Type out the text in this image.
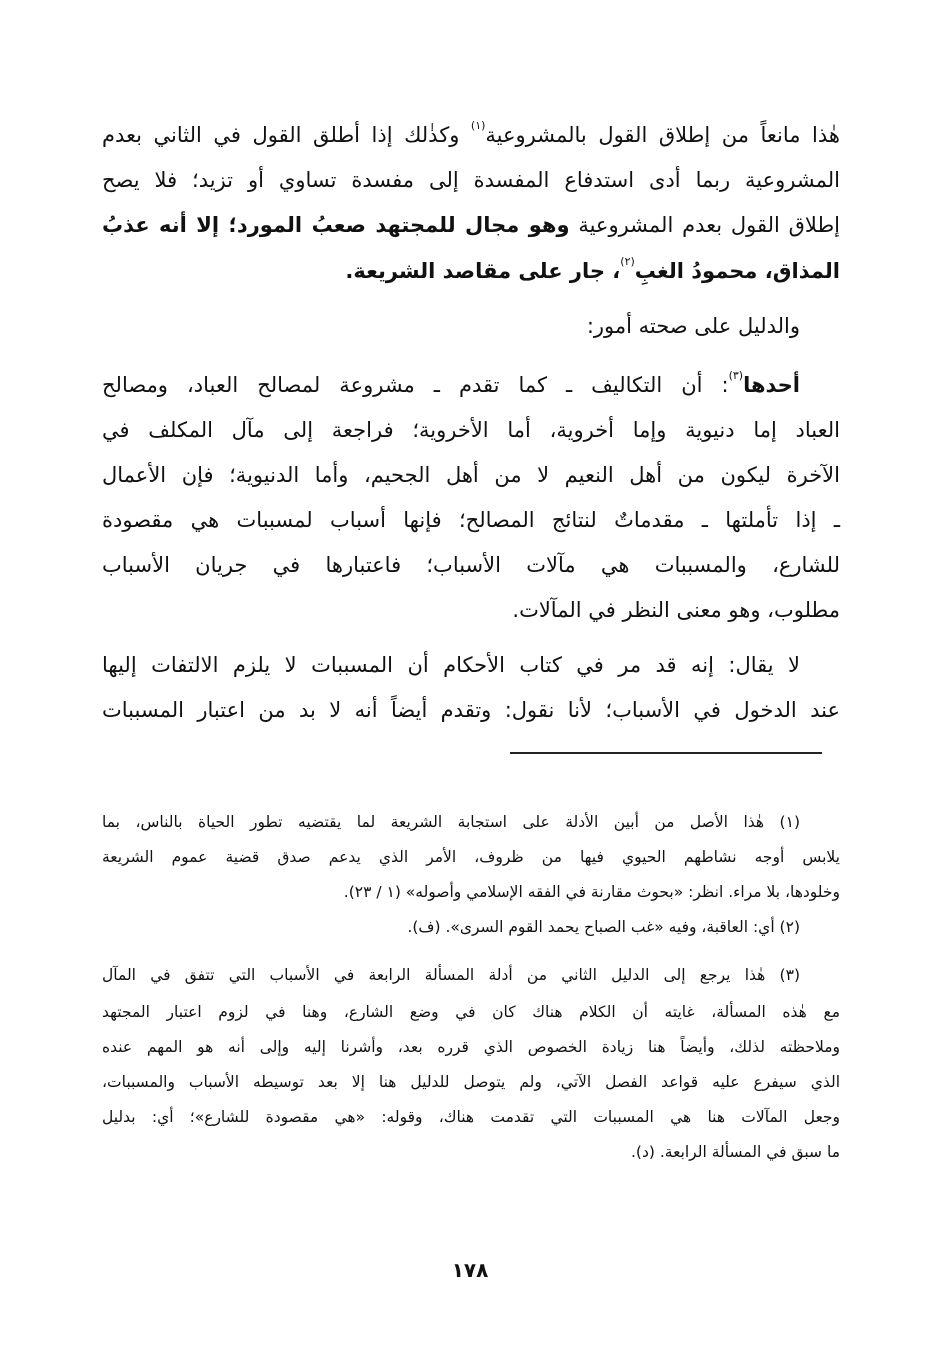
هٰذا مانعاً من إطلاق القول بالمشروعية$^{(١)}$ وكذٰلك إذا أطلق القول في الثاني بعدم
المشروعية ربما أدى استدفاع المفسدة إلى مفسدة تساوي أو تزيد؛ فلا يصح
إطلاق القول بعدم المشروعية وهو مجال للمجتهد صعبُ المورد؛ إلا أنه عذبُ
المذاق، محمودُ الغبِ$^{(٢)}$، جار على مقاصد الشريعة.
والدليل على صحته أمور:
أحدها$^{(٣)}$: أن التكاليف ـ كما تقدم ـ مشروعة لمصالح العباد، ومصالح
العباد إما دنيوية وإما أخروية، أما الأخروية؛ فراجعة إلى مآل المكلف في
الآخرة ليكون من أهل النعيم لا من أهل الجحيم، وأما الدنيوية؛ فإن الأعمال
ـ إذا تأملتها ـ مقدماتٌ لنتائج المصالح؛ فإنها أسباب لمسببات هي مقصودة
للشارع، والمسببات هي مآلات الأسباب؛ فاعتبارها في جريان الأسباب
مطلوب، وهو معنى النظر في المآلات.
لا يقال: إنه قد مر في كتاب الأحكام أن المسببات لا يلزم الالتفات إليها
عند الدخول في الأسباب؛ لأنا نقول: وتقدم أيضاً أنه لا بد من اعتبار المسببات
(١) هٰذا الأصل من أبين الأدلة على استجابة الشريعة لما يقتضيه تطور الحياة بالناس، بما
يلابس أوجه نشاطهم الحيوي فيها من ظروف، الأمر الذي يدعم صدق قضية عموم الشريعة
وخلودها، بلا مراء. انظر: «بحوث مقارنة في الفقه الإسلامي وأصوله» (١ / ٢٣).
(٢) أي: العاقبة، وفيه «غب الصباح يحمد القوم السرى». (ف).
(٣) هٰذا يرجع إلى الدليل الثاني من أدلة المسألة الرابعة في الأسباب التي تتفق في المآل
مع هٰذه المسألة، غايته أن الكلام هناك كان في وضع الشارع، وهنا في لزوم اعتبار المجتهد
وملاحظته لذلك، وأيضاً هنا زيادة الخصوص الذي قرره بعد، وأشرنا إليه وإلى أنه هو المهم عنده
الذي سيفرع عليه قواعد الفصل الآتي، ولم يتوصل للدليل هنا إلا بعد توسيطه الأسباب والمسببات،
وجعل المآلات هنا هي المسببات التي تقدمت هناك، وقوله: «هي مقصودة للشارع»؛ أي: بدليل
ما سبق في المسألة الرابعة. (د).
١٧٨
